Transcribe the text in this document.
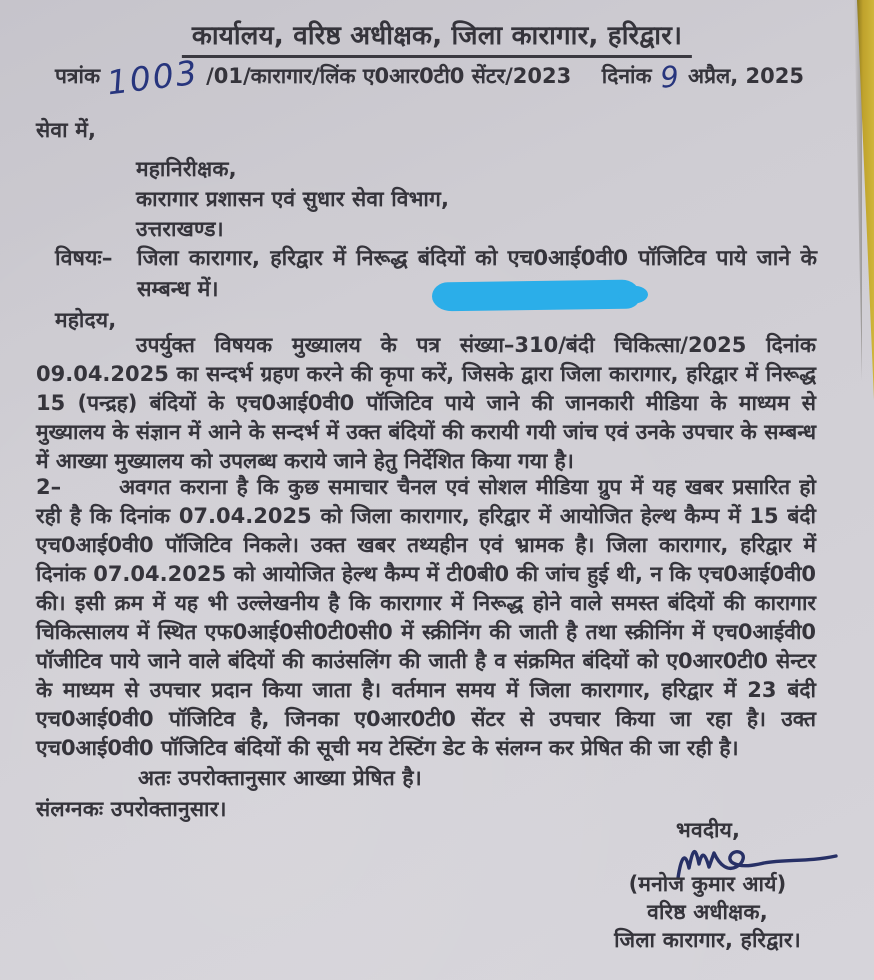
कार्यालय, वरिष्ठ अधीक्षक, जिला कारागार, हरिद्वार।
पत्रांक 1003 /01/कारागार/लिंक ए0आर0टी0 सेंटर/2023 दिनांक 9 अप्रैल, 2025
सेवा में,
महानिरीक्षक,
कारागार प्रशासन एवं सुधार सेवा विभाग,
उत्तराखण्ड।
विषयः–	जिला कारागार, हरिद्वार में निरूद्ध बंदियों को एच0आई0वी0 पॉजिटिव पाये जाने के सम्बन्ध में।
महोदय,
उपर्युक्त विषयक मुख्यालय के पत्र संख्या–310/बंदी चिकित्सा/2025 दिनांक 09.04.2025 का सन्दर्भ ग्रहण करने की कृपा करें, जिसके द्वारा जिला कारागार, हरिद्वार में निरूद्ध 15 (पन्द्रह) बंदियों के एच0आई0वी0 पॉजिटिव पाये जाने की जानकारी मीडिया के माध्यम से मुख्यालय के संज्ञान में आने के सन्दर्भ में उक्त बंदियों की करायी गयी जांच एवं उनके उपचार के सम्बन्ध में आख्या मुख्यालय को उपलब्ध कराये जाने हेतु निर्देशित किया गया है।
2–	अवगत कराना है कि कुछ समाचार चैनल एवं सोशल मीडिया ग्रुप में यह खबर प्रसारित हो रही है कि दिनांक 07.04.2025 को जिला कारागार, हरिद्वार में आयोजित हेल्थ कैम्प में 15 बंदी एच0आई0वी0 पॉजिटिव निकले। उक्त खबर तथ्यहीन एवं भ्रामक है। जिला कारागार, हरिद्वार में दिनांक 07.04.2025 को आयोजित हेल्थ कैम्प में टी0बी0 की जांच हुई थी, न कि एच0आई0वी0 की। इसी क्रम में यह भी उल्लेखनीय है कि कारागार में निरूद्ध होने वाले समस्त बंदियों की कारागार चिकित्सालय में स्थित एफ0आई0सी0टी0सी0 में स्क्रीनिंग की जाती है तथा स्क्रीनिंग में एच0आईवी0 पॉजीटिव पाये जाने वाले बंदियों की काउंसलिंग की जाती है व संक्रमित बंदियों को ए0आर0टी0 सेन्टर के माध्यम से उपचार प्रदान किया जाता है। वर्तमान समय में जिला कारागार, हरिद्वार में 23 बंदी एच0आई0वी0 पॉजिटिव है, जिनका ए0आर0टी0 सेंटर से उपचार किया जा रहा है। उक्त एच0आई0वी0 पॉजिटिव बंदियों की सूची मय टेस्टिंग डेट के संलग्न कर प्रेषित की जा रही है।
अतः उपरोक्तानुसार आख्या प्रेषित है।
संलग्नकः उपरोक्तानुसार।
भवदीय,
(मनोज कुमार आर्य)
वरिष्ठ अधीक्षक,
जिला कारागार, हरिद्वार।
